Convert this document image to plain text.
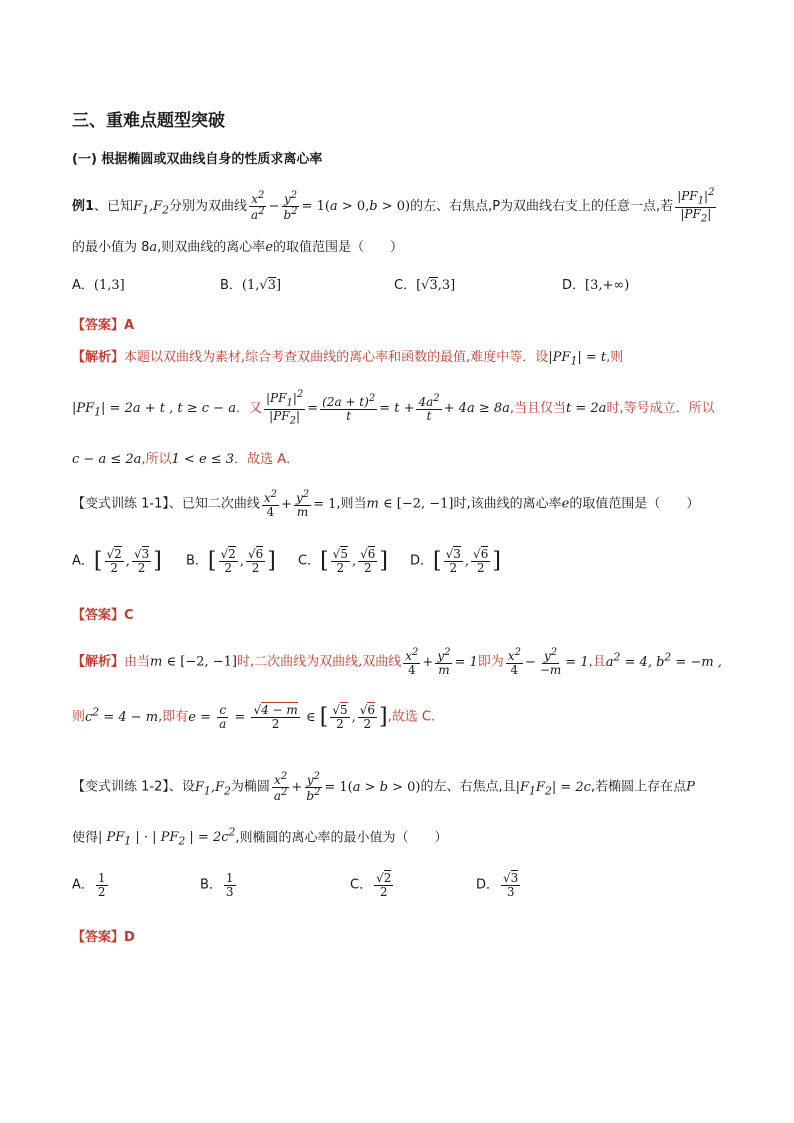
三、重难点题型突破
(一) 根据椭圆或双曲线自身的性质求离心率
例1、已知$F_1,F_2$分别为双曲线 $\frac{x^2}{a^2} - \frac{y^2}{b^2} = 1(a > 0,b > 0)$的左、右焦点,P为双曲线右支上的任意一点,若 $\frac{|PF_1|^2}{|PF_2|}$
的最小值为 8a,则双曲线的离心率e的取值范围是（　　）
A．(1,3]	B．(1,√3]	C．[√3,3]	D．[3,+∞)
【答案】A
【解析】本题以双曲线为素材,综合考查双曲线的离心率和函数的最值,难度中等．设$|PF_1| = t$,则
$|PF_1| = 2a + t$ , t ≥ c − a．又 $\frac{|PF_1|^2}{|PF_2|} = \frac{(2a + t)^2}{t} = t + \frac{4a^2}{t} + 4a \ge 8a$,当且仅当t = 2a时,等号成立．所以
c − a ≤ 2a,所以1 < e ≤ 3．故选 A．
【变式训练 1-1】、已知二次曲线 $\frac{x^2}{4} + \frac{y^2}{m} = 1$,则当m ∈ [−2, −1]时,该曲线的离心率e的取值范围是（　　）
A．[ $\frac{√2}{2}$ , $\frac{√3}{2}$ ] B．[ $\frac{√2}{2}$ , $\frac{√6}{2}$ ] C．[ $\frac{√5}{2}$ , $\frac{√6}{2}$ ] D．[ $\frac{√3}{2}$ , $\frac{√6}{2}$ ]
【答案】C
【解析】由当m ∈ [−2, −1]时,二次曲线为双曲线,双曲线 $\frac{x^2}{4} + \frac{y^2}{m} = 1$即为 $\frac{x^2}{4} - \frac{y^2}{-m} = 1$,且$a^2 = 4$, $b^2 = -m$ ,
则$c^2 = 4 - m$,即有$e = \frac{c}{a} = \frac{√4 - m}{2}$ ∈ [ $\frac{√5}{2}$ , $\frac{√6}{2}$ ],故选 C.
【变式训练 1-2】、设$F_1,F_2$为椭圆 $\frac{x^2}{a^2} + \frac{y^2}{b^2} = 1(a > b > 0)$的左、右焦点,且$|F_1F_2| = 2c$,若椭圆上存在点P
使得| $PF_1$ | · | $PF_2$ | = $2c^2$,则椭圆的离心率的最小值为（　　）
A． $\frac{1}{2}$	B． $\frac{1}{3}$	C． $\frac{√2}{2}$	D． $\frac{√3}{3}$
【答案】D
